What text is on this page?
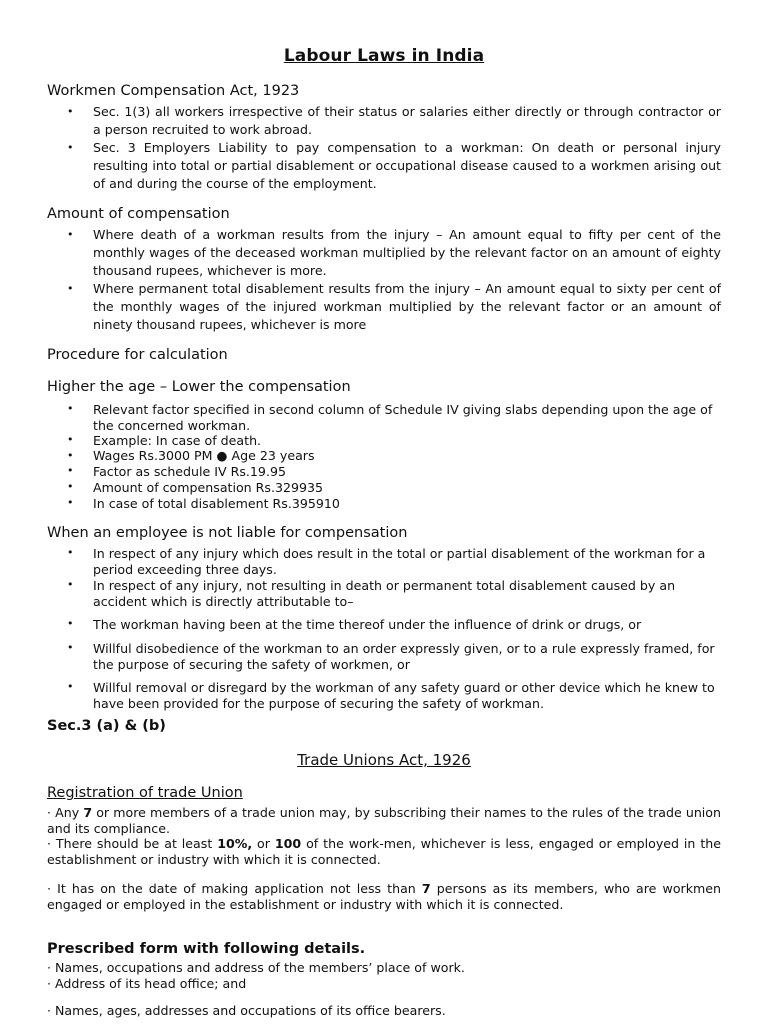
Labour Laws in India
Workmen Compensation Act, 1923
• Sec. 1(3) all workers irrespective of their status or salaries either directly or through contractor or a person recruited to work abroad.
• Sec. 3 Employers Liability to pay compensation to a workman: On death or personal injury resulting into total or partial disablement or occupational disease caused to a workmen arising out of and during the course of the employment.
Amount of compensation
• Where death of a workman results from the injury – An amount equal to fifty per cent of the monthly wages of the deceased workman multiplied by the relevant factor on an amount of eighty thousand rupees, whichever is more.
• Where permanent total disablement results from the injury – An amount equal to sixty per cent of the monthly wages of the injured workman multiplied by the relevant factor or an amount of ninety thousand rupees, whichever is more
Procedure for calculation
Higher the age – Lower the compensation
• Relevant factor specified in second column of Schedule IV giving slabs depending upon the age of the concerned workman.
• Example: In case of death.
• Wages Rs.3000 PM ● Age 23 years
• Factor as schedule IV Rs.19.95
• Amount of compensation Rs.329935
• In case of total disablement Rs.395910
When an employee is not liable for compensation
• In respect of any injury which does result in the total or partial disablement of the workman for a period exceeding three days.
• In respect of any injury, not resulting in death or permanent total disablement caused by an accident which is directly attributable to–
• The workman having been at the time thereof under the influence of drink or drugs, or
• Willful disobedience of the workman to an order expressly given, or to a rule expressly framed, for the purpose of securing the safety of workmen, or
• Willful removal or disregard by the workman of any safety guard or other device which he knew to have been provided for the purpose of securing the safety of workman.
Sec.3 (a) & (b)
Trade Unions Act, 1926
Registration of trade Union
· Any 7 or more members of a trade union may, by subscribing their names to the rules of the trade union and its compliance.
· There should be at least 10%, or 100 of the work-men, whichever is less, engaged or employed in the establishment or industry with which it is connected.
· It has on the date of making application not less than 7 persons as its members, who are workmen engaged or employed in the establishment or industry with which it is connected.
Prescribed form with following details.
· Names, occupations and address of the members’ place of work.
· Address of its head office; and
· Names, ages, addresses and occupations of its office bearers.
